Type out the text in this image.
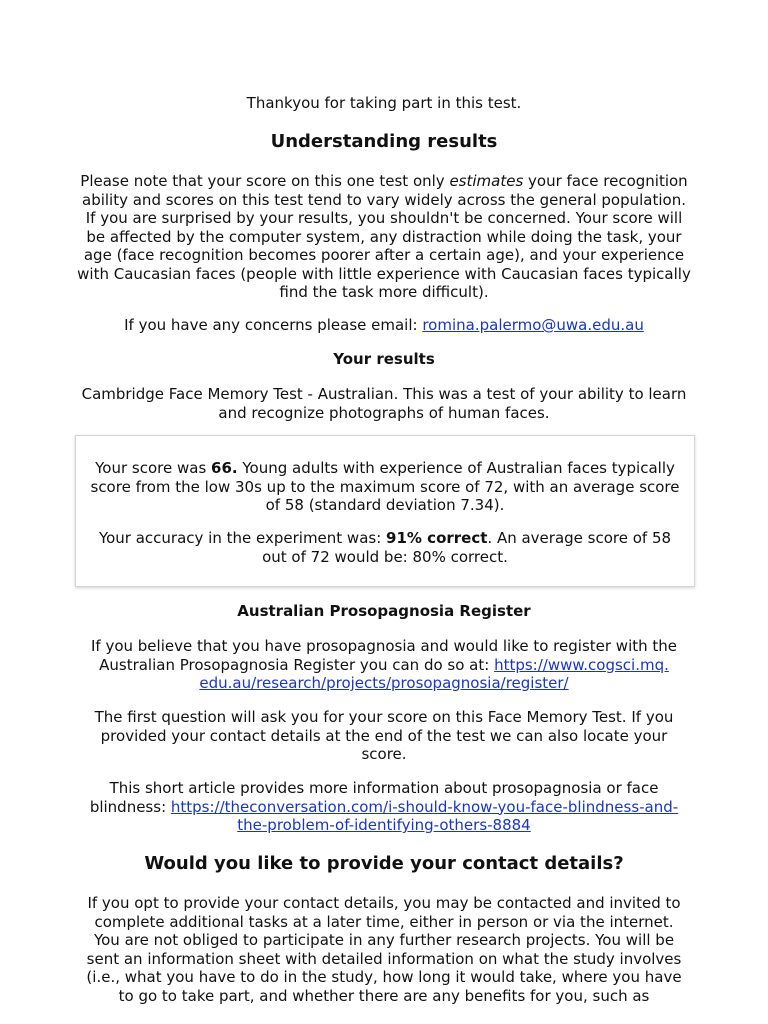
Thankyou for taking part in this test.
Understanding results
Please note that your score on this one test only estimates your face recognition
ability and scores on this test tend to vary widely across the general population.
If you are surprised by your results, you shouldn't be concerned. Your score will
be affected by the computer system, any distraction while doing the task, your
age (face recognition becomes poorer after a certain age), and your experience
with Caucasian faces (people with little experience with Caucasian faces typically
find the task more difficult).
If you have any concerns please email: romina.palermo@uwa.edu.au
Your results
Cambridge Face Memory Test - Australian. This was a test of your ability to learn
and recognize photographs of human faces.
Your score was 66. Young adults with experience of Australian faces typically
score from the low 30s up to the maximum score of 72, with an average score
of 58 (standard deviation 7.34).
Your accuracy in the experiment was: 91% correct. An average score of 58
out of 72 would be: 80% correct.
Australian Prosopagnosia Register
If you believe that you have prosopagnosia and would like to register with the
Australian Prosopagnosia Register you can do so at: https://www.cogsci.mq.
edu.au/research/projects/prosopagnosia/register/
The first question will ask you for your score on this Face Memory Test. If you
provided your contact details at the end of the test we can also locate your
score.
This short article provides more information about prosopagnosia or face
blindness: https://theconversation.com/i-should-know-you-face-blindness-and-
the-problem-of-identifying-others-8884
Would you like to provide your contact details?
If you opt to provide your contact details, you may be contacted and invited to
complete additional tasks at a later time, either in person or via the internet.
You are not obliged to participate in any further research projects. You will be
sent an information sheet with detailed information on what the study involves
(i.e., what you have to do in the study, how long it would take, where you have
to go to take part, and whether there are any benefits for you, such as
